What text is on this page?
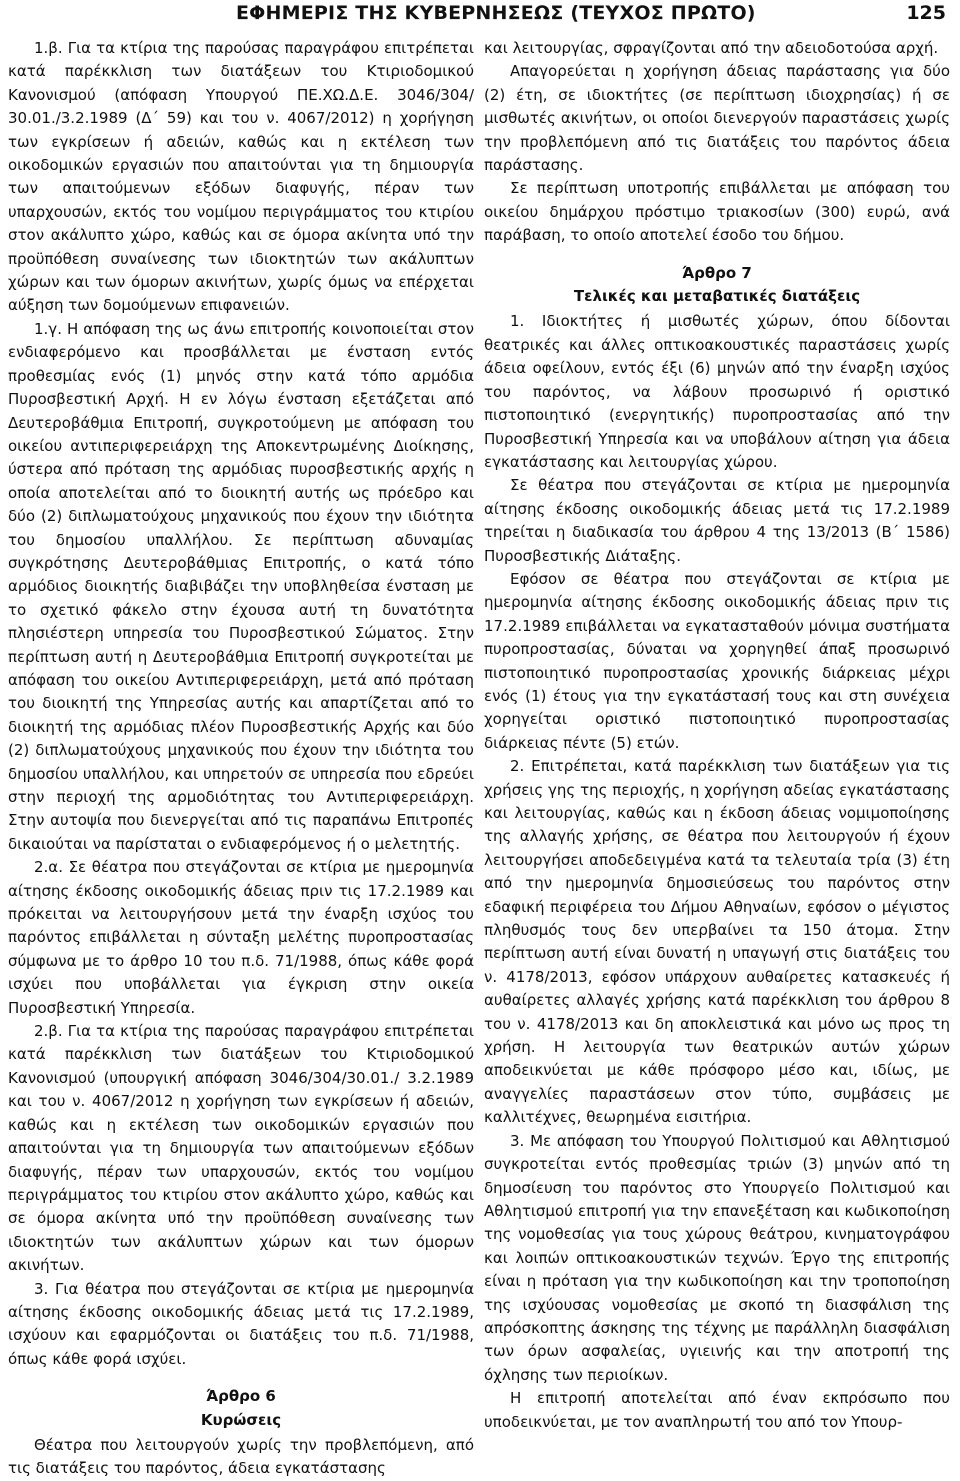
ΕΦΗΜΕΡΙΣ ΤΗΣ ΚΥΒΕΡΝΗΣΕΩΣ (ΤΕΥΧΟΣ ΠΡΩΤΟ)	125

1.β. Για τα κτίρια της παρούσας παραγράφου επιτρέπεται κατά παρέκκλιση των διατάξεων του Κτιριοδομικού Κανονισμού (απόφαση Υπουργού ΠΕ.ΧΩ.Δ.Ε. 3046/304/ 30.01./3.2.1989 (Δ΄ 59) και του ν. 4067/2012) η χορήγηση των εγκρίσεων ή αδειών, καθώς και η εκτέλεση των οικοδομικών εργασιών που απαιτούνται για τη δημιουργία των απαιτούμενων εξόδων διαφυγής, πέραν των υπαρχουσών, εκτός του νομίμου περιγράμματος του κτιρίου στον ακάλυπτο χώρο, καθώς και σε όμορα ακίνητα υπό την προϋπόθεση συναίνεσης των ιδιοκτητών των ακάλυπτων χώρων και των όμορων ακινήτων, χωρίς όμως να επέρχεται αύξηση των δομούμενων επιφανειών.

1.γ. Η απόφαση της ως άνω επιτροπής κοινοποιείται στον ενδιαφερόμενο και προσβάλλεται με ένσταση εντός προθεσμίας ενός (1) μηνός στην κατά τόπο αρμόδια Πυροσβεστική Αρχή. Η εν λόγω ένσταση εξετάζεται από Δευτεροβάθμια Επιτροπή, συγκροτούμενη με απόφαση του οικείου αντιπεριφερειάρχη της Αποκεντρωμένης Διοίκησης, ύστερα από πρόταση της αρμόδιας πυροσβεστικής αρχής η οποία αποτελείται από το διοικητή αυτής ως πρόεδρο και δύο (2) διπλωματούχους μηχανικούς που έχουν την ιδιότητα του δημοσίου υπαλλήλου. Σε περίπτωση αδυναμίας συγκρότησης Δευτεροβάθμιας Επιτροπής, ο κατά τόπο αρμόδιος διοικητής διαβιβάζει την υποβληθείσα ένσταση με το σχετικό φάκελο στην έχουσα αυτή τη δυνατότητα πλησιέστερη υπηρεσία του Πυροσβεστικού Σώματος. Στην περίπτωση αυτή η Δευτεροβάθμια Επιτροπή συγκροτείται με απόφαση του οικείου Αντιπεριφερειάρχη, μετά από πρόταση του διοικητή της Υπηρεσίας αυτής και απαρτίζεται από το διοικητή της αρμόδιας πλέον Πυροσβεστικής Αρχής και δύο (2) διπλωματούχους μηχανικούς που έχουν την ιδιότητα του δημοσίου υπαλλήλου, και υπηρετούν σε υπηρεσία που εδρεύει στην περιοχή της αρμοδιότητας του Αντιπεριφερειάρχη. Στην αυτοψία που διενεργείται από τις παραπάνω Επιτροπές δικαιούται να παρίσταται ο ενδιαφερόμενος ή ο μελετητής.

2.α. Σε θέατρα που στεγάζονται σε κτίρια με ημερομηνία αίτησης έκδοσης οικοδομικής άδειας πριν τις 17.2.1989 και πρόκειται να λειτουργήσουν μετά την έναρξη ισχύος του παρόντος επιβάλλεται η σύνταξη μελέτης πυροπροστασίας σύμφωνα με το άρθρο 10 του π.δ. 71/1988, όπως κάθε φορά ισχύει που υποβάλλεται για έγκριση στην οικεία Πυροσβεστική Υπηρεσία.

2.β. Για τα κτίρια της παρούσας παραγράφου επιτρέπεται κατά παρέκκλιση των διατάξεων του Κτιριοδομικού Κανονισμού (υπουργική απόφαση 3046/304/30.01./ 3.2.1989 και του ν. 4067/2012 η χορήγηση των εγκρίσεων ή αδειών, καθώς και η εκτέλεση των οικοδομικών εργασιών που απαιτούνται για τη δημιουργία των απαιτούμενων εξόδων διαφυγής, πέραν των υπαρχουσών, εκτός του νομίμου περιγράμματος του κτιρίου στον ακάλυπτο χώρο, καθώς και σε όμορα ακίνητα υπό την προϋπόθεση συναίνεσης των ιδιοκτητών των ακάλυπτων χώρων και των όμορων ακινήτων.

3. Για θέατρα που στεγάζονται σε κτίρια με ημερομηνία αίτησης έκδοσης οικοδομικής άδειας μετά τις 17.2.1989, ισχύουν και εφαρμόζονται οι διατάξεις του π.δ. 71/1988, όπως κάθε φορά ισχύει.

Άρθρο 6

Κυρώσεις

Θέατρα που λειτουργούν χωρίς την προβλεπόμενη, από τις διατάξεις του παρόντος, άδεια εγκατάστασης

και λειτουργίας, σφραγίζονται από την αδειοδοτούσα αρχή.

Απαγορεύεται η χορήγηση άδειας παράστασης για δύο (2) έτη, σε ιδιοκτήτες (σε περίπτωση ιδιοχρησίας) ή σε μισθωτές ακινήτων, οι οποίοι διενεργούν παραστάσεις χωρίς την προβλεπόμενη από τις διατάξεις του παρόντος άδεια παράστασης.

Σε περίπτωση υποτροπής επιβάλλεται με απόφαση του οικείου δημάρχου πρόστιμο τριακοσίων (300) ευρώ, ανά παράβαση, το οποίο αποτελεί έσοδο του δήμου.

Άρθρο 7

Τελικές και μεταβατικές διατάξεις

1. Ιδιοκτήτες ή μισθωτές χώρων, όπου δίδονται θεατρικές και άλλες οπτικοακουστικές παραστάσεις χωρίς άδεια οφείλουν, εντός έξι (6) μηνών από την έναρξη ισχύος του παρόντος, να λάβουν προσωρινό ή οριστικό πιστοποιητικό (ενεργητικής) πυροπροστασίας από την Πυροσβεστική Υπηρεσία και να υποβάλουν αίτηση για άδεια εγκατάστασης και λειτουργίας χώρου.

Σε θέατρα που στεγάζονται σε κτίρια με ημερομηνία αίτησης έκδοσης οικοδομικής άδειας μετά τις 17.2.1989 τηρείται η διαδικασία του άρθρου 4 της 13/2013 (Β΄ 1586) Πυροσβεστικής Διάταξης.

Εφόσον σε θέατρα που στεγάζονται σε κτίρια με ημερομηνία αίτησης έκδοσης οικοδομικής άδειας πριν τις 17.2.1989 επιβάλλεται να εγκατασταθούν μόνιμα συστήματα πυροπροστασίας, δύναται να χορηγηθεί άπαξ προσωρινό πιστοποιητικό πυροπροστασίας χρονικής διάρκειας μέχρι ενός (1) έτους για την εγκατάστασή τους και στη συνέχεια χορηγείται οριστικό πιστοποιητικό πυροπροστασίας διάρκειας πέντε (5) ετών.

2. Επιτρέπεται, κατά παρέκκλιση των διατάξεων για τις χρήσεις γης της περιοχής, η χορήγηση αδείας εγκατάστασης και λειτουργίας, καθώς και η έκδοση άδειας νομιμοποίησης της αλλαγής χρήσης, σε θέατρα που λειτουργούν ή έχουν λειτουργήσει αποδεδειγμένα κατά τα τελευταία τρία (3) έτη από την ημερομηνία δημοσιεύσεως του παρόντος στην εδαφική περιφέρεια του Δήμου Αθηναίων, εφόσον ο μέγιστος πληθυσμός τους δεν υπερβαίνει τα 150 άτομα. Στην περίπτωση αυτή είναι δυνατή η υπαγωγή στις διατάξεις του ν. 4178/2013, εφόσον υπάρχουν αυθαίρετες κατασκευές ή αυθαίρετες αλλαγές χρήσης κατά παρέκκλιση του άρθρου 8 του ν. 4178/2013 και δη αποκλειστικά και μόνο ως προς τη χρήση. Η λειτουργία των θεατρικών αυτών χώρων αποδεικνύεται με κάθε πρόσφορο μέσο και, ιδίως, με αναγγελίες παραστάσεων στον τύπο, συμβάσεις με καλλιτέχνες, θεωρημένα εισιτήρια.

3. Με απόφαση του Υπουργού Πολιτισμού και Αθλητισμού συγκροτείται εντός προθεσμίας τριών (3) μηνών από τη δημοσίευση του παρόντος στο Υπουργείο Πολιτισμού και Αθλητισμού επιτροπή για την επανεξέταση και κωδικοποίηση της νομοθεσίας για τους χώρους θεάτρου, κινηματογράφου και λοιπών οπτικοακουστικών τεχνών. Έργο της επιτροπής είναι η πρόταση για την κωδικοποίηση και την τροποποίηση της ισχύουσας νομοθεσίας με σκοπό τη διασφάλιση της απρόσκοπτης άσκησης της τέχνης με παράλληλη διασφάλιση των όρων ασφαλείας, υγιεινής και την αποτροπή της όχλησης των περιοίκων.

Η επιτροπή αποτελείται από έναν εκπρόσωπο που υποδεικνύεται, με τον αναπληρωτή του από τον Υπουρ-
